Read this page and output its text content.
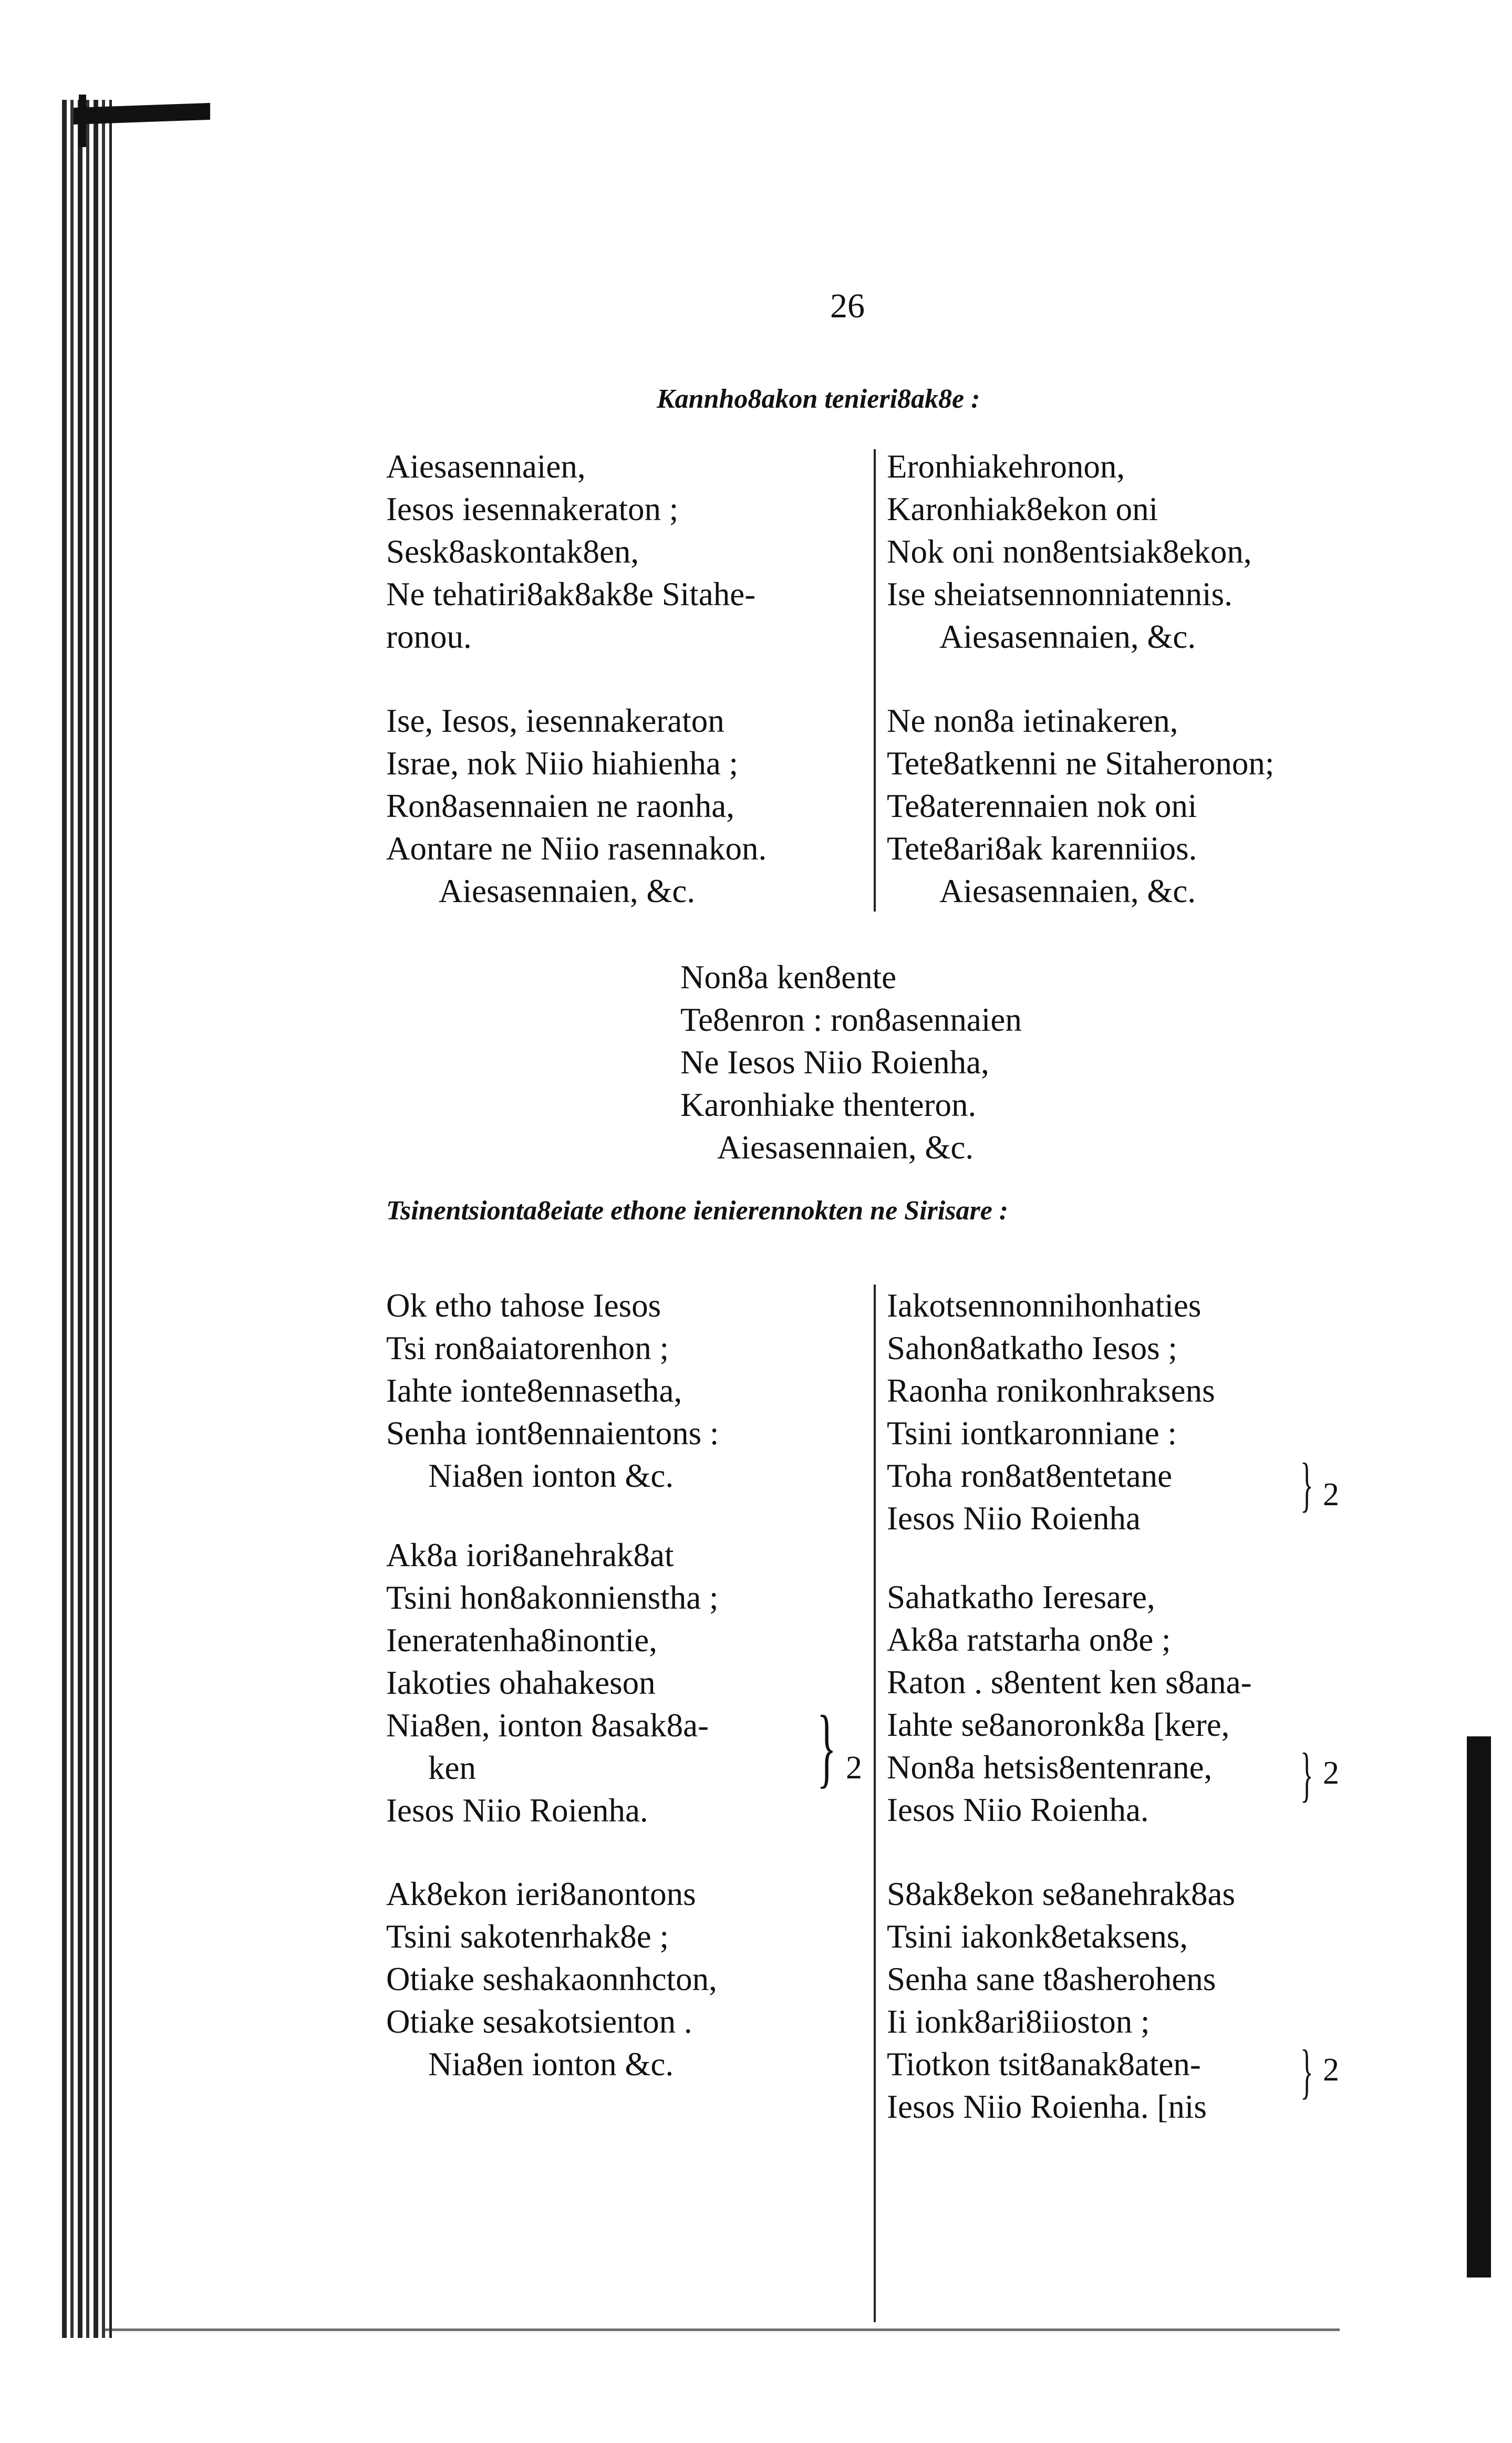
26
Kannho8akon tenieri8ak8e :
Aiesasennaien,
Iesos iesennakeraton ;
Sesk8askontak8en,
Ne tehatiri8ak8ak8e Sitahe-
ronou.
Ise, Iesos, iesennakeraton
Israe, nok Niio hiahienha ;
Ron8asennaien ne raonha,
Aontare ne Niio rasennakon.
Aiesasennaien, &c.
Eronhiakehronon,
Karonhiak8ekon oni
Nok oni non8entsiak8ekon,
Ise sheiatsennonniatennis.
Aiesasennaien, &c.
Ne non8a ietinakeren,
Tete8atkenni ne Sitaheronon;
Te8aterennaien nok oni
Tete8ari8ak karenniios.
Aiesasennaien, &c.
Non8a ken8ente
Te8enron : ron8asennaien
Ne Iesos Niio Roienha,
Karonhiake thenteron.
Aiesasennaien, &c.
Tsinentsionta8eiate ethone ienierennokten ne Sirisare :
Ok etho tahose Iesos
Tsi ron8aiatorenhon ;
Iahte ionte8ennasetha,
Senha iont8ennaientons :
Nia8en ionton &c.
Ak8a iori8anehrak8at
Tsini hon8akonnienstha ;
Ieneratenha8inontie,
Iakoties ohahakeson
Nia8en, ionton 8asak8a-
ken
Iesos Niio Roienha.
} 2
Ak8ekon ieri8anontons
Tsini sakotenrhak8e ;
Otiake seshakaonnhcton,
Otiake sesakotsienton .
Nia8en ionton &c.
Iakotsennonnihonhaties
Sahon8atkatho Iesos ;
Raonha ronikonhraksens
Tsini iontkaronniane :
Toha ron8at8entetane
Iesos Niio Roienha
} 2
Sahatkatho Ieresare,
Ak8a ratstarha on8e ;
Raton . s8entent ken s8ana-
Iahte se8anoronk8a [kere,
Non8a hetsis8entenrane,
Iesos Niio Roienha.
} 2
S8ak8ekon se8anehrak8as
Tsini iakonk8etaksens,
Senha sane t8asherohens
Ii ionk8ari8iioston ;
Tiotkon tsit8anak8aten-
Iesos Niio Roienha. [nis
} 2
